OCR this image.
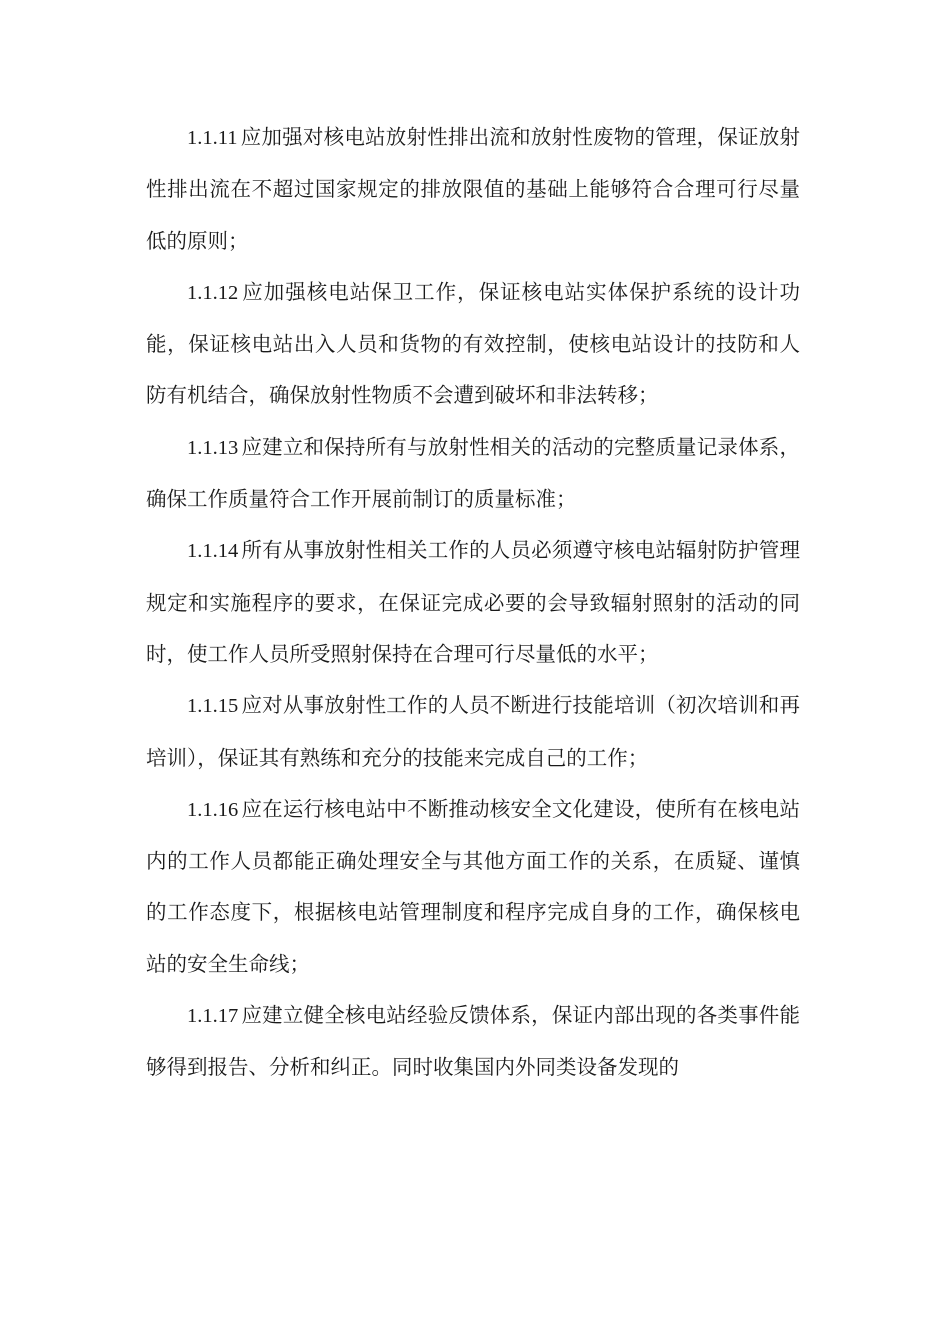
1.1.11 应加强对核电站放射性排出流和放射性废物的管理，保证放射性排出流在不超过国家规定的排放限值的基础上能够符合合理可行尽量低的原则；

1.1.12 应加强核电站保卫工作，保证核电站实体保护系统的设计功能，保证核电站出入人员和货物的有效控制，使核电站设计的技防和人防有机结合，确保放射性物质不会遭到破坏和非法转移；

1.1.13 应建立和保持所有与放射性相关的活动的完整质量记录体系，确保工作质量符合工作开展前制订的质量标准；

1.1.14 所有从事放射性相关工作的人员必须遵守核电站辐射防护管理规定和实施程序的要求，在保证完成必要的会导致辐射照射的活动的同时，使工作人员所受照射保持在合理可行尽量低的水平；

1.1.15 应对从事放射性工作的人员不断进行技能培训（初次培训和再培训），保证其有熟练和充分的技能来完成自己的工作；

1.1.16 应在运行核电站中不断推动核安全文化建设，使所有在核电站内的工作人员都能正确处理安全与其他方面工作的关系，在质疑、谨慎的工作态度下，根据核电站管理制度和程序完成自身的工作，确保核电站的安全生命线；

1.1.17 应建立健全核电站经验反馈体系，保证内部出现的各类事件能够得到报告、分析和纠正。同时收集国内外同类设备发现的
